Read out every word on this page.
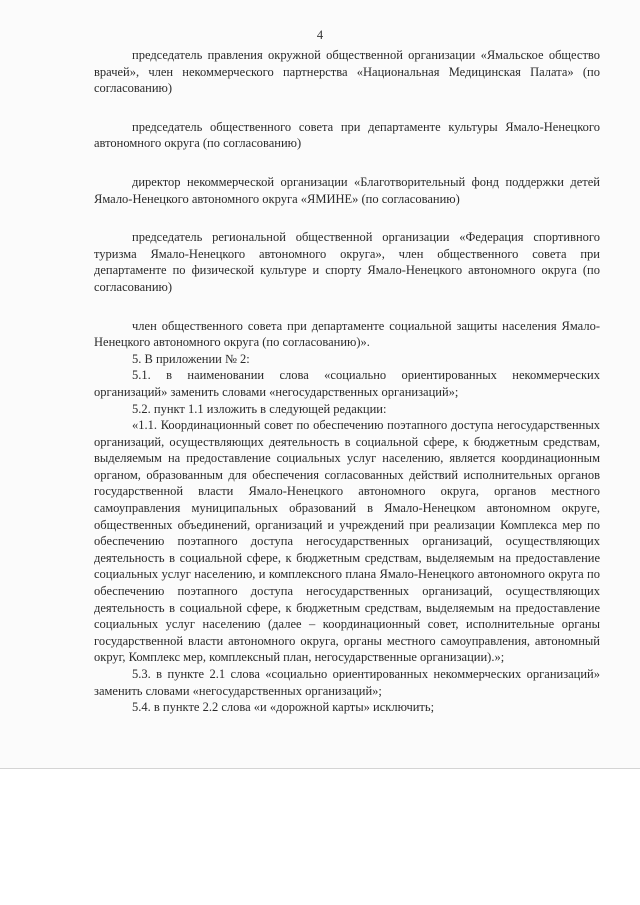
4

председатель правления окружной общественной организации «Ямальское общество врачей», член некоммерческого партнерства «Национальная Медицинская Палата» (по согласованию)

председатель общественного совета при департаменте культуры Ямало-Ненецкого автономного округа (по согласованию)

директор некоммерческой организации «Благотворительный фонд поддержки детей Ямало-Ненецкого автономного округа «ЯМИНЕ» (по согласованию)

председатель региональной общественной организации «Федерация спортивного туризма Ямало-Ненецкого автономного округа», член общественного совета при департаменте по физической культуре и спорту Ямало-Ненецкого автономного округа (по согласованию)

член общественного совета при департаменте социальной защиты населения Ямало-Ненецкого автономного округа (по согласованию)».

5. В приложении № 2:

5.1. в наименовании слова «социально ориентированных некоммерческих организаций» заменить словами «негосударственных организаций»;

5.2. пункт 1.1 изложить в следующей редакции:

«1.1. Координационный совет по обеспечению поэтапного доступа негосударственных организаций, осуществляющих деятельность в социальной сфере, к бюджетным средствам, выделяемым на предоставление социальных услуг населению, является координационным органом, образованным для обеспечения согласованных действий исполнительных органов государственной власти Ямало-Ненецкого автономного округа, органов местного самоуправления муниципальных образований в Ямало-Ненецком автономном округе, общественных объединений, организаций и учреждений при реализации Комплекса мер по обеспечению поэтапного доступа негосударственных организаций, осуществляющих деятельность в социальной сфере, к бюджетным средствам, выделяемым на предоставление социальных услуг населению, и комплексного плана Ямало-Ненецкого автономного округа по обеспечению поэтапного доступа негосударственных организаций, осуществляющих деятельность в социальной сфере, к бюджетным средствам, выделяемым на предоставление социальных услуг населению (далее – координационный совет, исполнительные органы государственной власти автономного округа, органы местного самоуправления, автономный округ, Комплекс мер, комплексный план, негосударственные организации).»;

5.3. в пункте 2.1 слова «социально ориентированных некоммерческих организаций» заменить словами «негосударственных организаций»;

5.4. в пункте 2.2 слова «и «дорожной карты» исключить;
